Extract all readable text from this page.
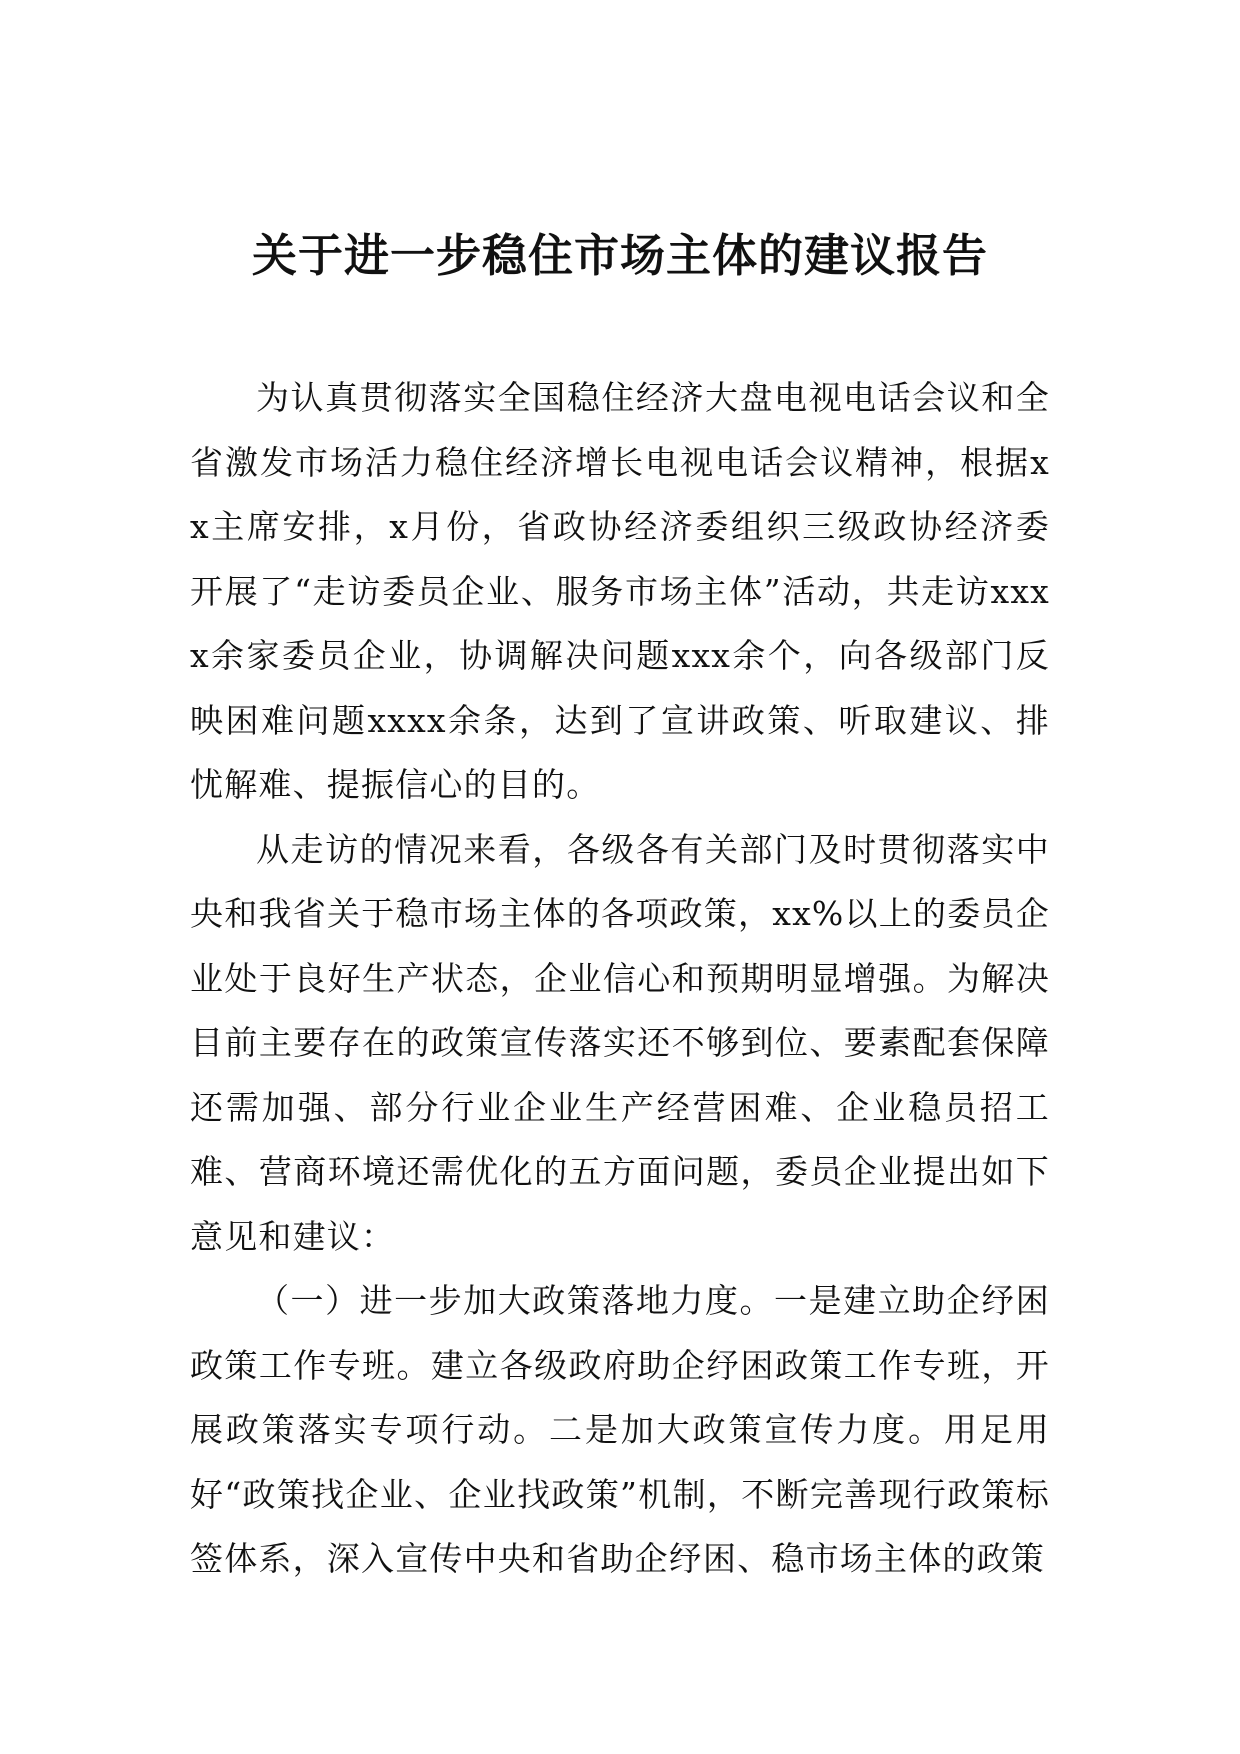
关于进一步稳住市场主体的建议报告

为认真贯彻落实全国稳住经济大盘电视电话会议和全省激发市场活力稳住经济增长电视电话会议精神，根据xx主席安排，x月份，省政协经济委组织三级政协经济委开展了“走访委员企业、服务市场主体”活动，共走访xxxx余家委员企业，协调解决问题xxx余个，向各级部门反映困难问题xxxx余条，达到了宣讲政策、听取建议、排忧解难、提振信心的目的。

从走访的情况来看，各级各有关部门及时贯彻落实中央和我省关于稳市场主体的各项政策，xx%以上的委员企业处于良好生产状态，企业信心和预期明显增强。为解决目前主要存在的政策宣传落实还不够到位、要素配套保障还需加强、部分行业企业生产经营困难、企业稳员招工难、营商环境还需优化的五方面问题，委员企业提出如下意见和建议：

（一）进一步加大政策落地力度。一是建立助企纾困政策工作专班。建立各级政府助企纾困政策工作专班，开展政策落实专项行动。二是加大政策宣传力度。用足用好“政策找企业、企业找政策”机制，不断完善现行政策标签体系，深入宣传中央和省助企纾困、稳市场主体的政策
